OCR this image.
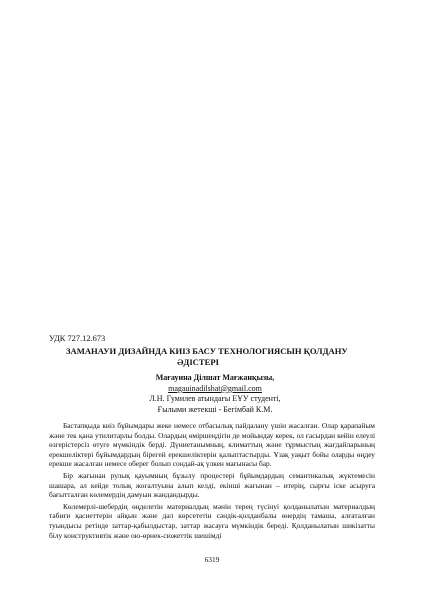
УДК 727.12.673
ЗАМАНАУИ ДИЗАЙНДА КИІЗ БАСУ ТЕХНОЛОГИЯСЫН ҚОЛДАНУ
ӘДІСТЕРІ
Мағауина Ділшат Мағжанқызы,
magauinadilshat@gmail.com
Л.Н. Гумилев атындағы ЕҰУ студенті,
Ғылыми жетекші - Бегімбай К.М.

Бастапқыда киіз бұйымдары жеке немесе отбасылық пайдалану үшін жасалған. Олар қарапайым және тек қана утилитарлы болды. Олардың өміршеңдігін де мойындау керек, ол ғасырдан кейін елеулі өзгерістерсіз өтуге мүмкіндік берді. Дүниетанымның, климаттың және тұрмыстың жағдайларының ерекшеліктері бұйымдардың бірегей ерекшеліктерін қалыптастырды. Ұзақ уақыт бойы оларды өңдеу ерекше жасалған немесе оберег болып сондай-ақ үлкен мағынасы бар.

Бір жағынан рулық қауымның бұзылу процестері бұйымдардың семантикалық жүктемесін шашара, ал кейде толық жоғалтуына алып келді, екінші жағынан – итерің, сырғы іске асыруға бағытталған көлемердің дамуын жандандырды.

Көлемерлі-шебердің өңделетін материалдың мәнін терең түсінуі қолданылатын материалдың табиғи қасиеттерін айқын және дәл көрсететін сәндік-қолданбалы өнердің тамаша, алғаталған туындысы ретінде заттар-қабылдыстар, заттар жасауға мүмкіндік береді. Қолданылатын шикізатты білу конструктивтік және ою-өрнек-сюжеттік шешімді

6319
